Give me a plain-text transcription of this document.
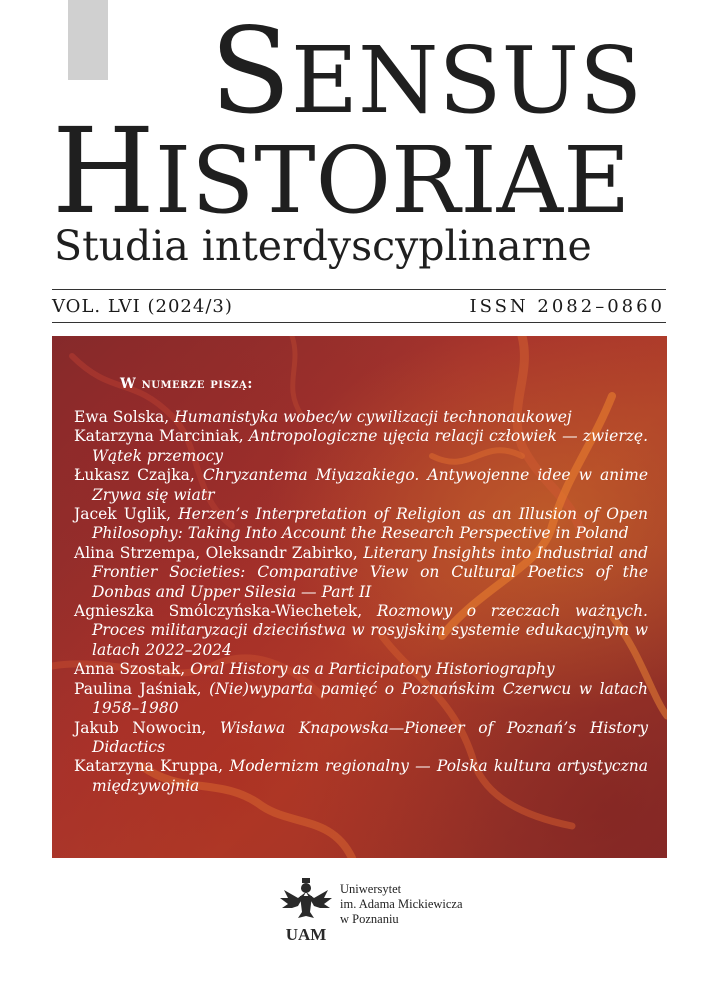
SENSUS
HISTORIAE
Studia interdyscyplinarne
VOL. LVI (2024/3)	ISSN 2082–0860
W numerze piszą:
Ewa Solska, Humanistyka wobec/w cywilizacji technonaukowej
Katarzyna Marciniak, Antropologiczne ujęcia relacji człowiek — zwierzę. Wątek przemocy
Łukasz Czajka, Chryzantema Miyazakiego. Antywojenne idee w anime Zrywa się wiatr
Jacek Uglik, Herzen’s Interpretation of Religion as an Illusion of Open Philosophy: Taking Into Account the Research Perspective in Poland
Alina Strzempa, Oleksandr Zabirko, Literary Insights into Industrial and Frontier Societies: Comparative View on Cultural Poetics of the Donbas and Upper Silesia — Part II
Agnieszka Smólczyńska-Wiechetek, Rozmowy o rzeczach ważnych. Proces militaryzacji dzieciństwa w rosyjskim systemie edukacyjnym w latach 2022–2024
Anna Szostak, Oral History as a Participatory Historiography
Paulina Jaśniak, (Nie)wyparta pamięć o Poznańskim Czerwcu w latach 1958–1980
Jakub Nowocin, Wisława Knapowska—Pioneer of Poznań’s History Didactics
Katarzyna Kruppa, Modernizm regionalny — Polska kultura artystyczna międzywojnia
UAM
Uniwersytet
im. Adama Mickiewicza
w Poznaniu
